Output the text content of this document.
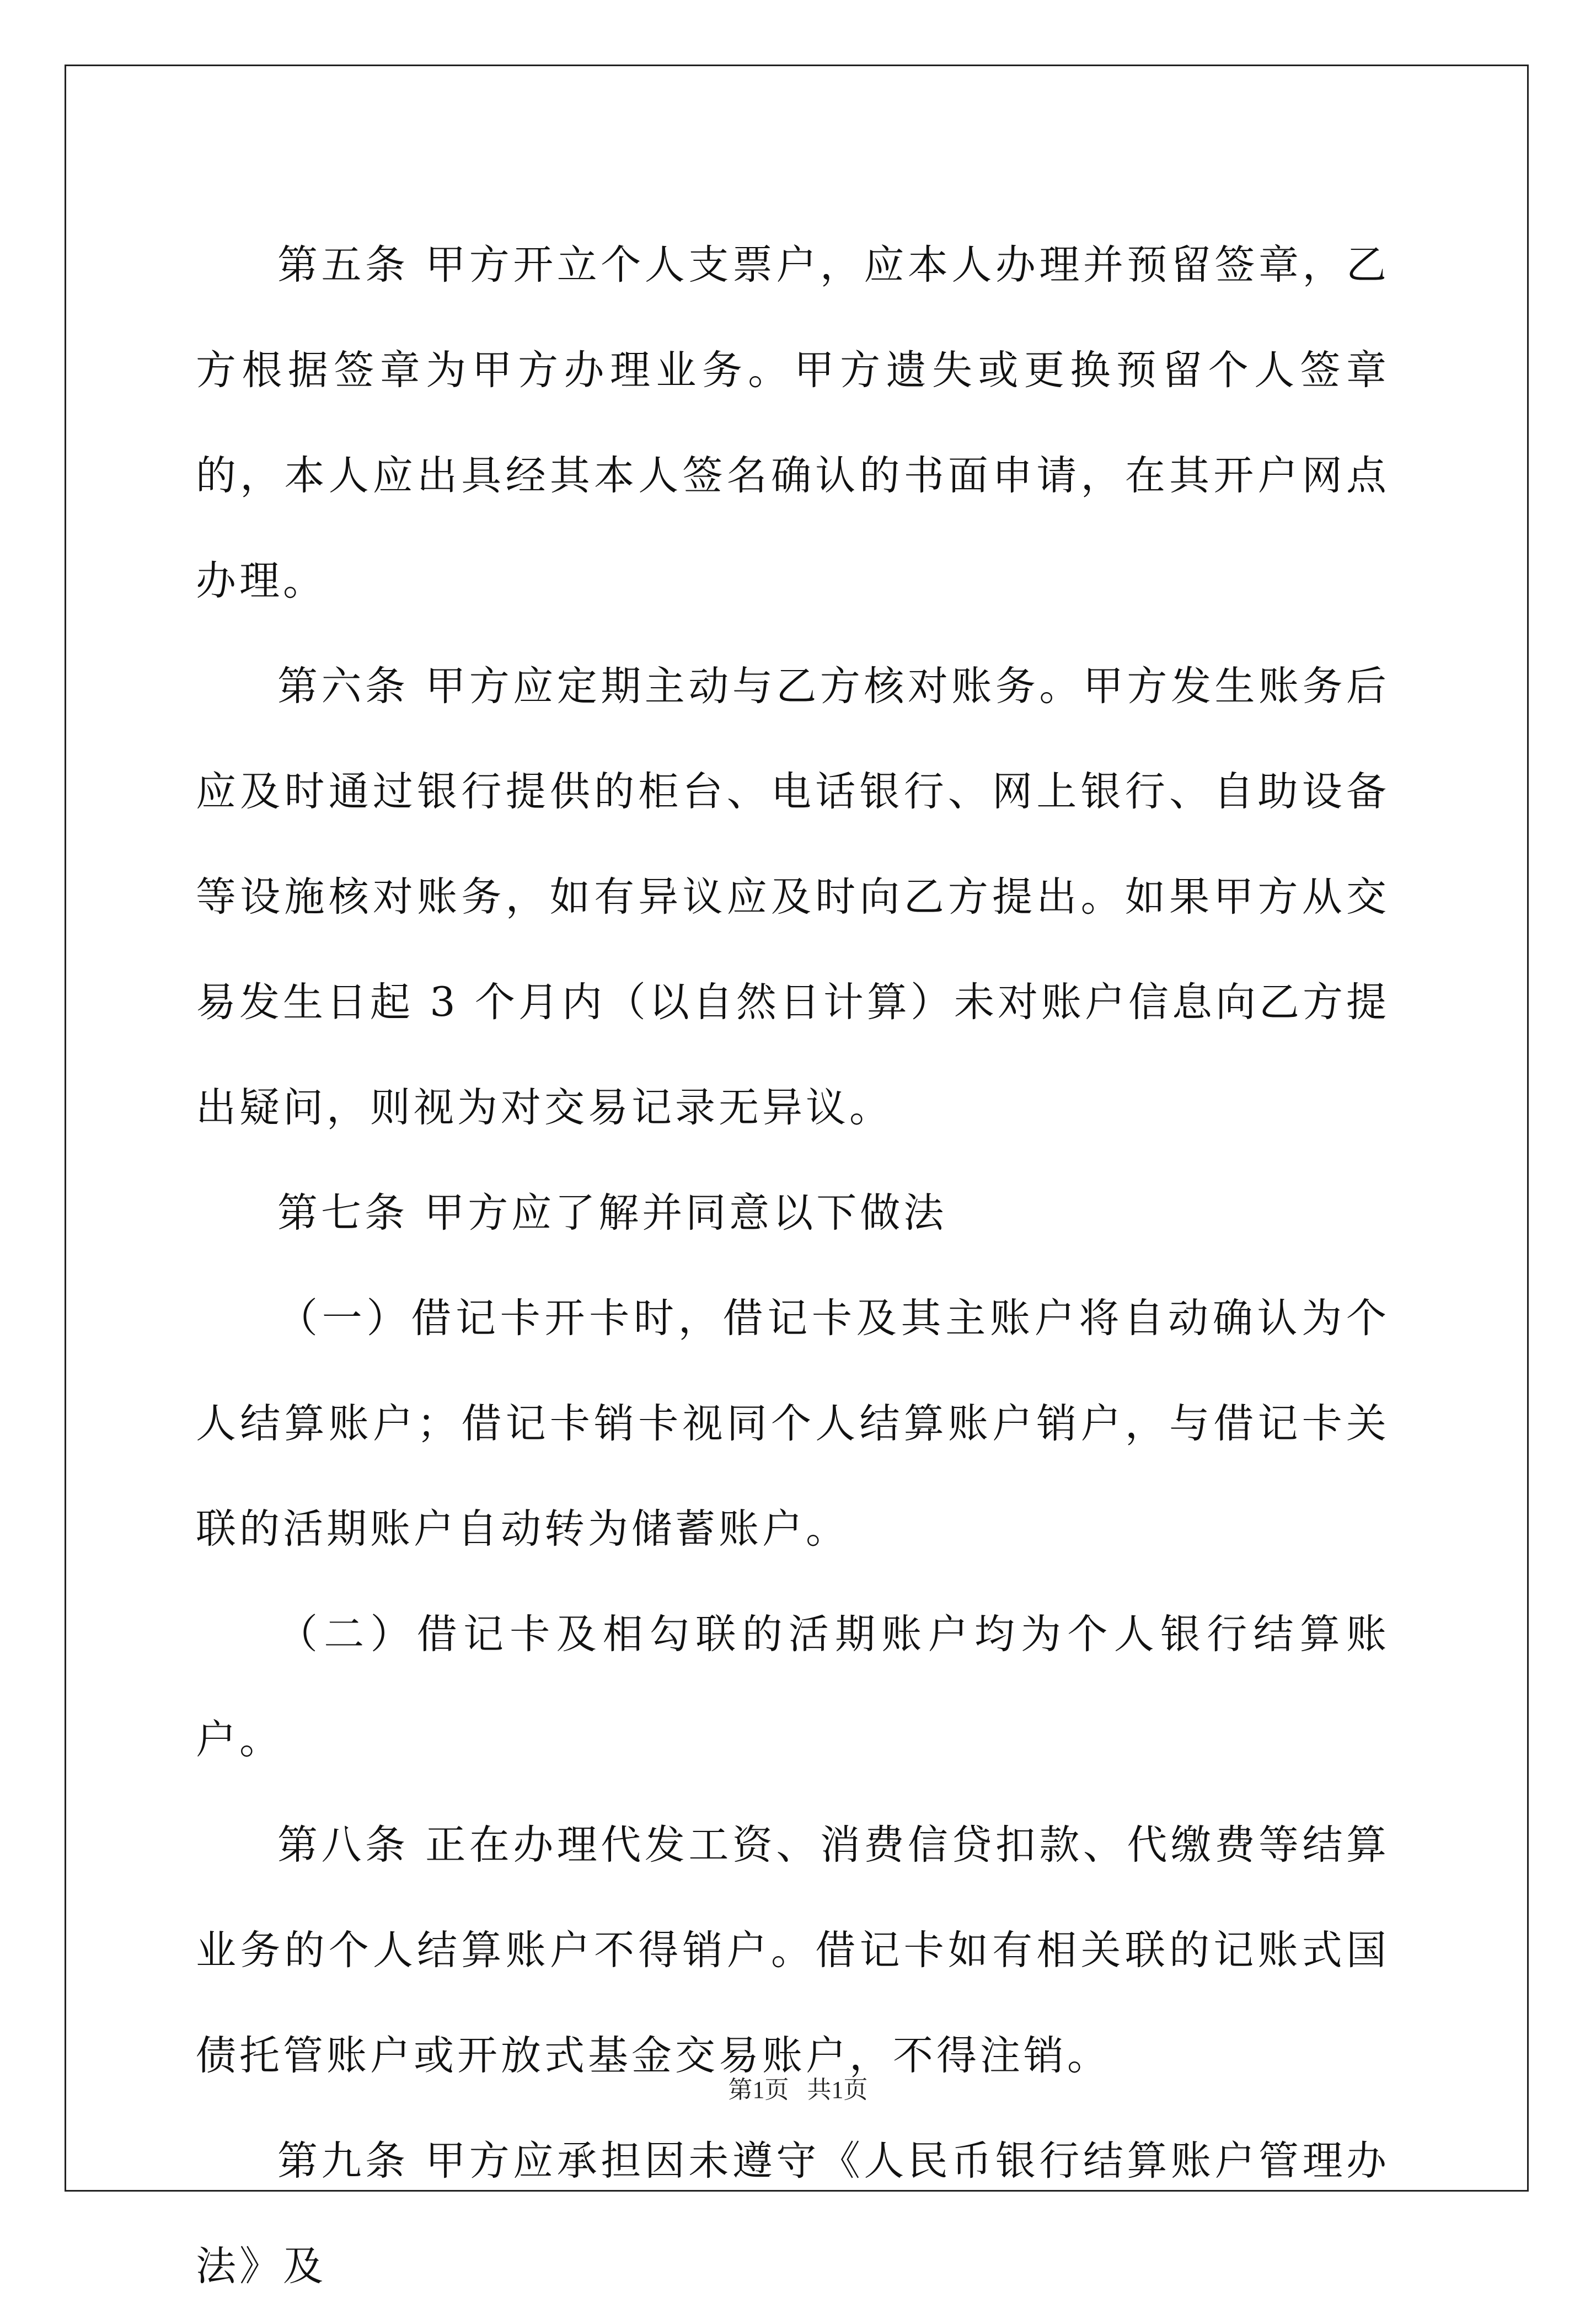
第五条 甲方开立个人支票户，应本人办理并预留签章，乙方根据签章为甲方办理业务。甲方遗失或更换预留个人签章的，本人应出具经其本人签名确认的书面申请，在其开户网点办理。

第六条 甲方应定期主动与乙方核对账务。甲方发生账务后应及时通过银行提供的柜台、电话银行、网上银行、自助设备等设施核对账务，如有异议应及时向乙方提出。如果甲方从交易发生日起 3 个月内（以自然日计算）未对账户信息向乙方提出疑问，则视为对交易记录无异议。

第七条 甲方应了解并同意以下做法

（一）借记卡开卡时，借记卡及其主账户将自动确认为个人结算账户；借记卡销卡视同个人结算账户销户，与借记卡关联的活期账户自动转为储蓄账户。

（二）借记卡及相勾联的活期账户均为个人银行结算账户。

第八条 正在办理代发工资、消费信贷扣款、代缴费等结算业务的个人结算账户不得销户。借记卡如有相关联的记账式国债托管账户或开放式基金交易账户，不得注销。

第九条 甲方应承担因未遵守《人民币银行结算账户管理办法》及

第1页 共1页
